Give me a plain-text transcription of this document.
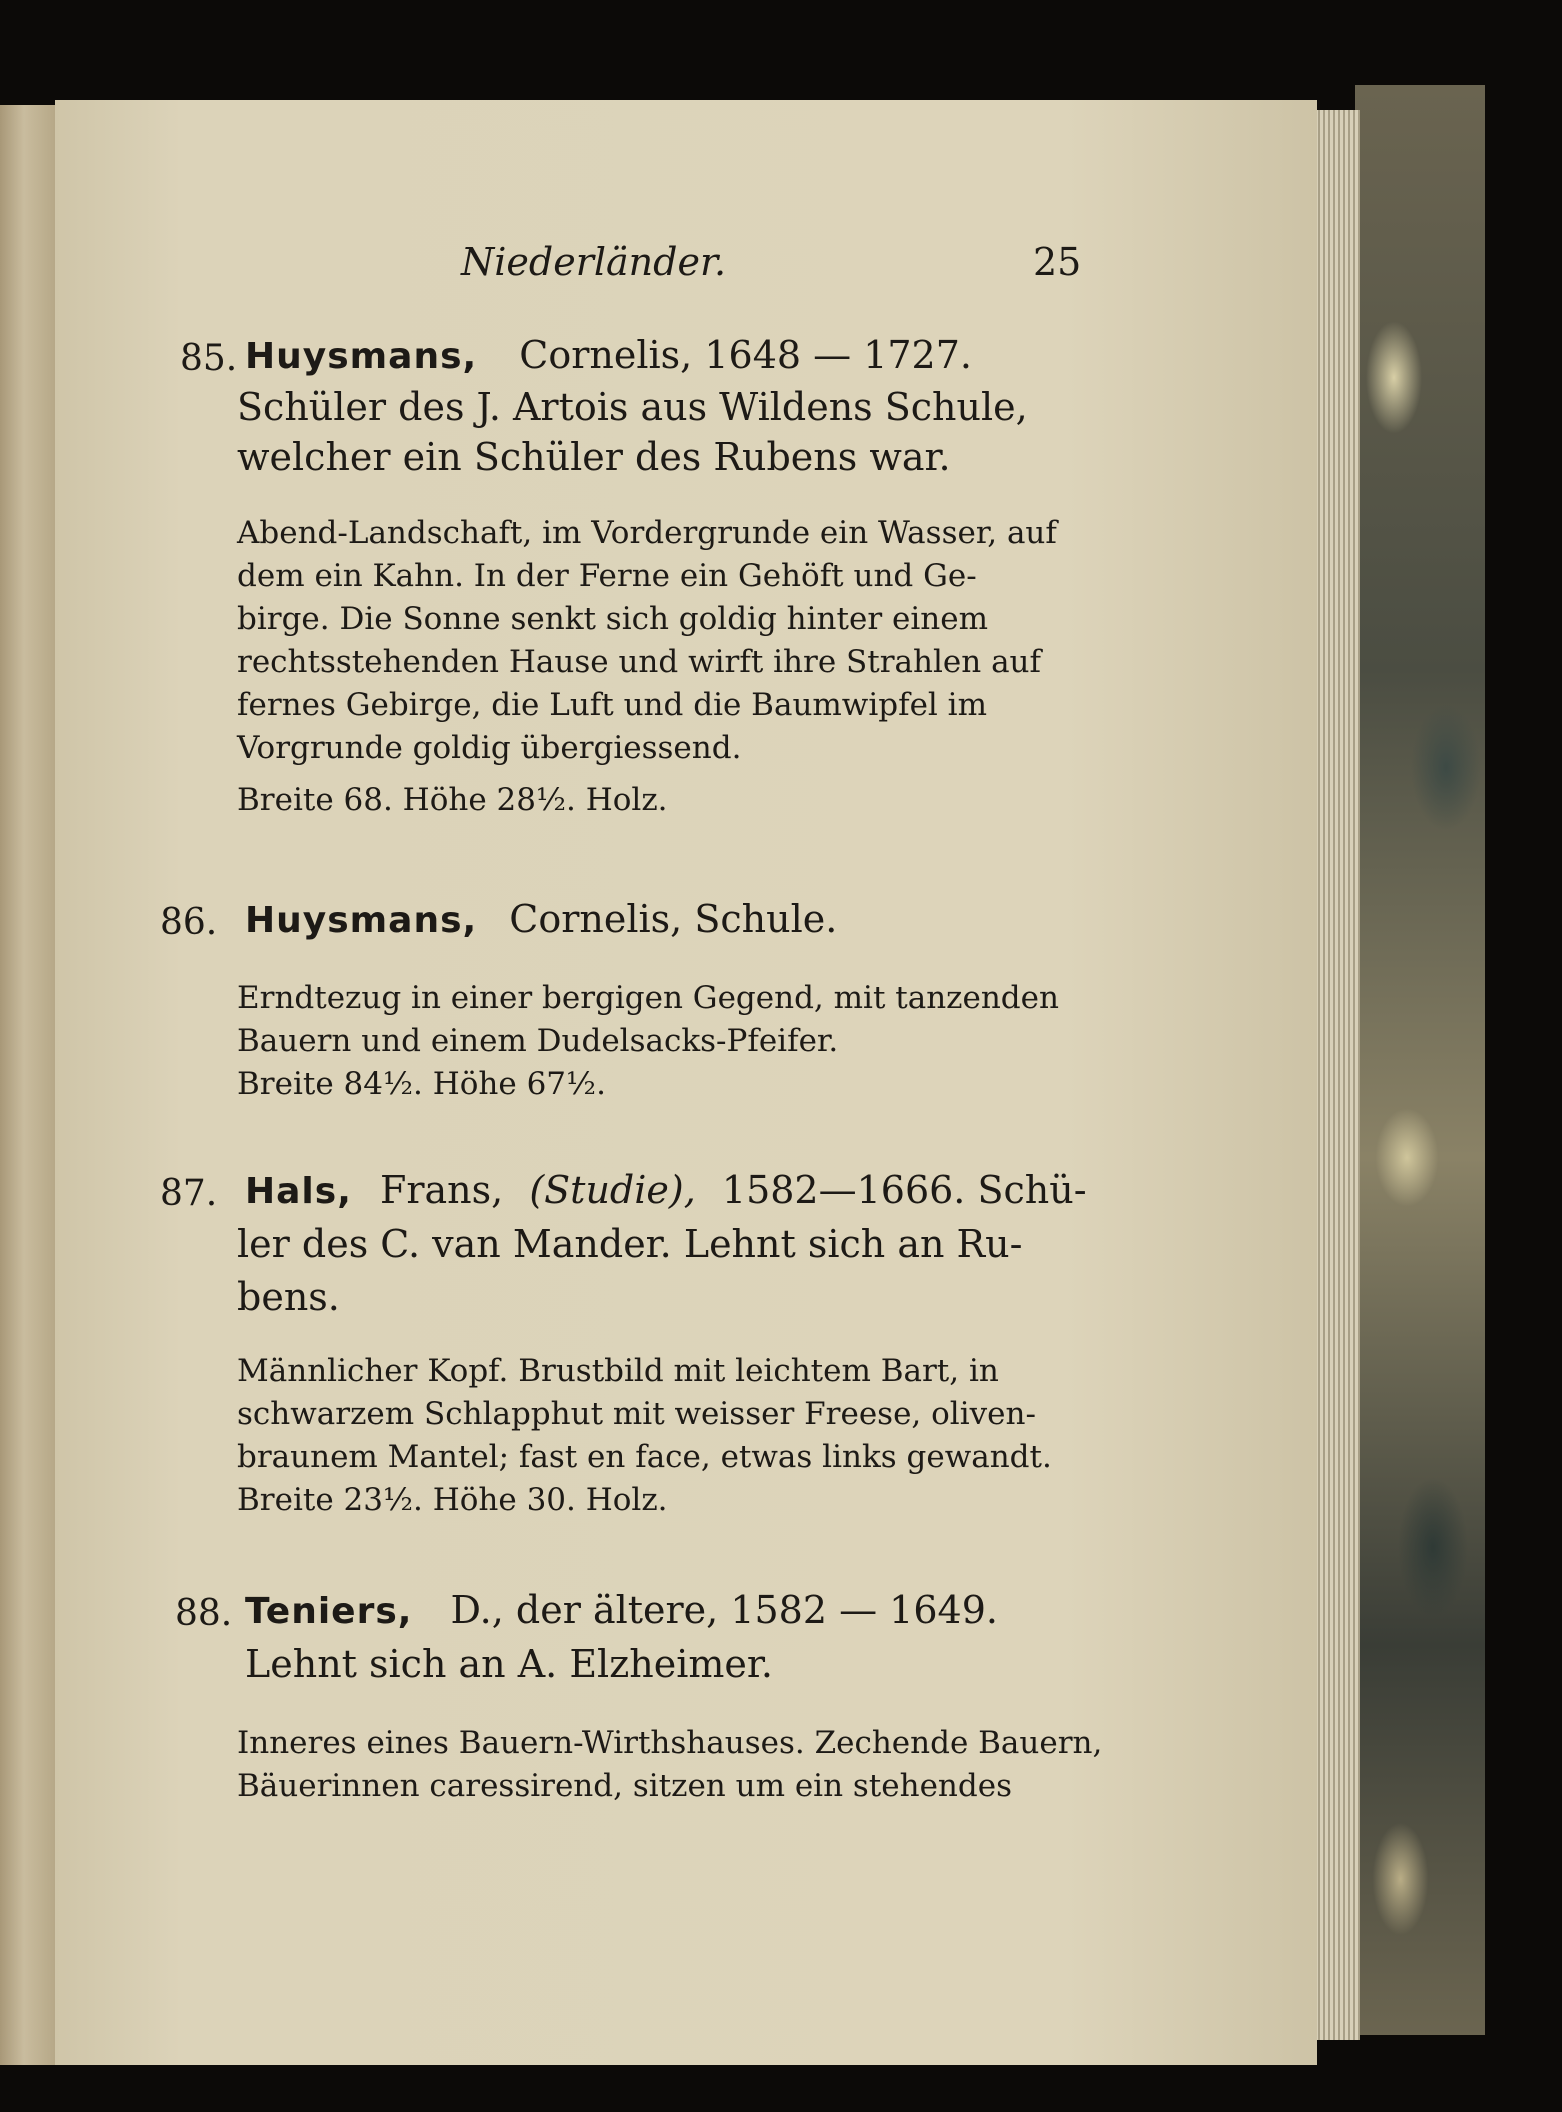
Niederländer.	25
85. Huysmans, Cornelis, 1648 — 1727.
Schüler des J. Artois aus Wildens Schule,
welcher ein Schüler des Rubens war.
Abend-Landschaft, im Vordergrunde ein Wasser, auf
dem ein Kahn. In der Ferne ein Gehöft und Ge-
birge. Die Sonne senkt sich goldig hinter einem
rechtsstehenden Hause und wirft ihre Strahlen auf
fernes Gebirge, die Luft und die Baumwipfel im
Vorgrunde goldig übergiessend.
Breite 68. Höhe 28½. Holz.
86. Huysmans, Cornelis, Schule.
Erndtezug in einer bergigen Gegend, mit tanzenden
Bauern und einem Dudelsacks-Pfeifer.
Breite 84½. Höhe 67½.
87. Hals, Frans, (Studie), 1582—1666. Schü-
ler des C. van Mander. Lehnt sich an Ru-
bens.
Männlicher Kopf. Brustbild mit leichtem Bart, in
schwarzem Schlapphut mit weisser Freese, oliven-
braunem Mantel; fast en face, etwas links gewandt.
Breite 23½. Höhe 30. Holz.
88. Teniers, D., der ältere, 1582 — 1649.
Lehnt sich an A. Elzheimer.
Inneres eines Bauern-Wirthshauses. Zechende Bauern,
Bäuerinnen caressirend, sitzen um ein stehendes
